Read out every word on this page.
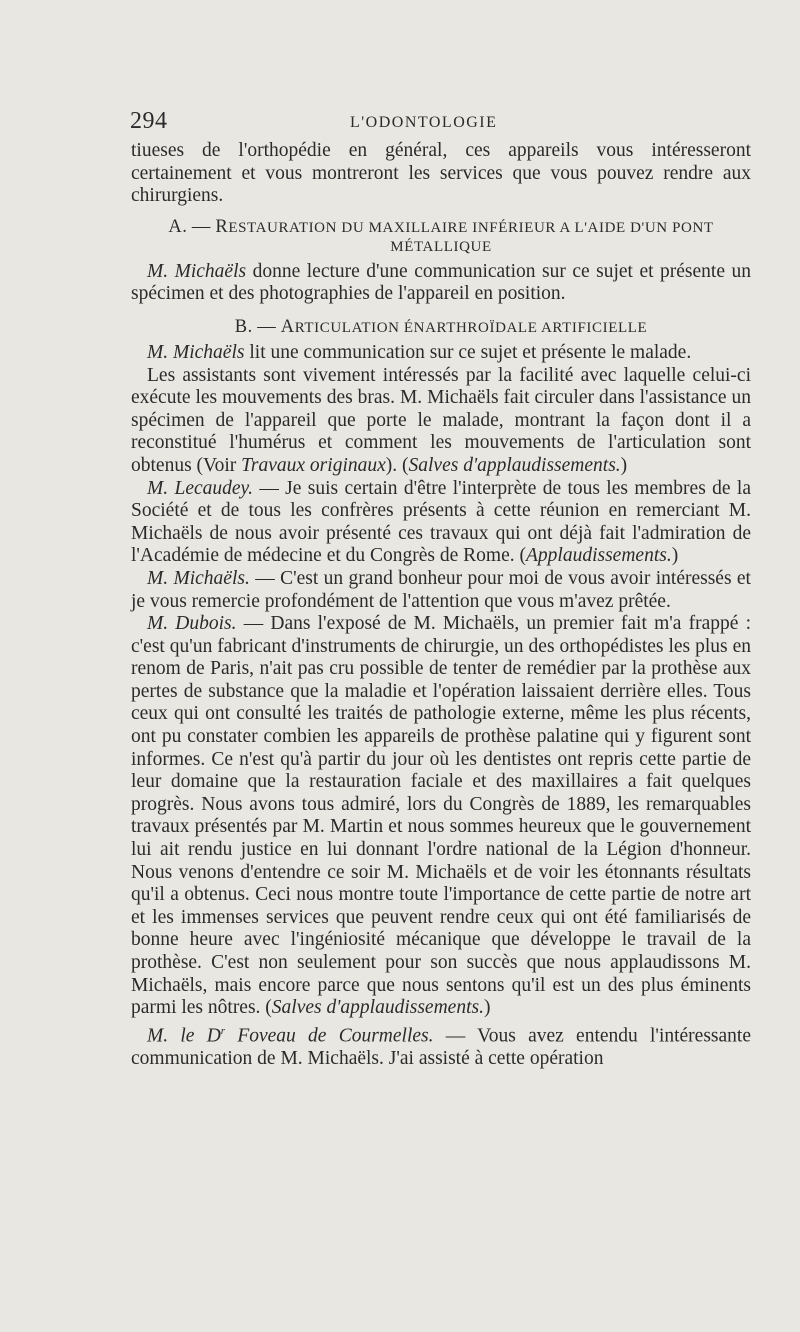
294	L'ODONTOLOGIE

tiueses de l'orthopédie en général, ces appareils vous intéresseront certainement et vous montreront les services que vous pouvez rendre aux chirurgiens.

A. — RESTAURATION DU MAXILLAIRE INFÉRIEUR A L'AIDE D'UN PONT MÉTALLIQUE

M. Michaëls donne lecture d'une communication sur ce sujet et présente un spécimen et des photographies de l'appareil en position.

B. — ARTICULATION ÉNARTHROÏDALE ARTIFICIELLE

M. Michaëls lit une communication sur ce sujet et présente le malade.

Les assistants sont vivement intéressés par la facilité avec laquelle celui-ci exécute les mouvements des bras. M. Michaëls fait circuler dans l'assistance un spécimen de l'appareil que porte le malade, montrant la façon dont il a reconstitué l'humérus et comment les mouvements de l'articulation sont obtenus (Voir Travaux originaux). (Salves d'applaudissements.)

M. Lecaudey. — Je suis certain d'être l'interprète de tous les membres de la Société et de tous les confrères présents à cette réunion en remerciant M. Michaëls de nous avoir présenté ces travaux qui ont déjà fait l'admiration de l'Académie de médecine et du Congrès de Rome. (Applaudissements.)

M. Michaëls. — C'est un grand bonheur pour moi de vous avoir intéressés et je vous remercie profondément de l'attention que vous m'avez prêtée.

M. Dubois. — Dans l'exposé de M. Michaëls, un premier fait m'a frappé : c'est qu'un fabricant d'instruments de chirurgie, un des orthopédistes les plus en renom de Paris, n'ait pas cru possible de tenter de remédier par la prothèse aux pertes de substance que la maladie et l'opération laissaient derrière elles. Tous ceux qui ont consulté les traités de pathologie externe, même les plus récents, ont pu constater combien les appareils de prothèse palatine qui y figurent sont informes. Ce n'est qu'à partir du jour où les dentistes ont repris cette partie de leur domaine que la restauration faciale et des maxillaires a fait quelques progrès. Nous avons tous admiré, lors du Congrès de 1889, les remarquables travaux présentés par M. Martin et nous sommes heureux que le gouvernement lui ait rendu justice en lui donnant l'ordre national de la Légion d'honneur. Nous venons d'entendre ce soir M. Michaëls et de voir les étonnants résultats qu'il a obtenus. Ceci nous montre toute l'importance de cette partie de notre art et les immenses services que peuvent rendre ceux qui ont été familiarisés de bonne heure avec l'ingéniosité mécanique que développe le travail de la prothèse. C'est non seulement pour son succès que nous applaudissons M. Michaëls, mais encore parce que nous sentons qu'il est un des plus éminents parmi les nôtres. (Salves d'applaudissements.)

M. le $D^r$ Foveau de Courmelles. — Vous avez entendu l'intéressante communication de M. Michaëls. J'ai assisté à cette opération
